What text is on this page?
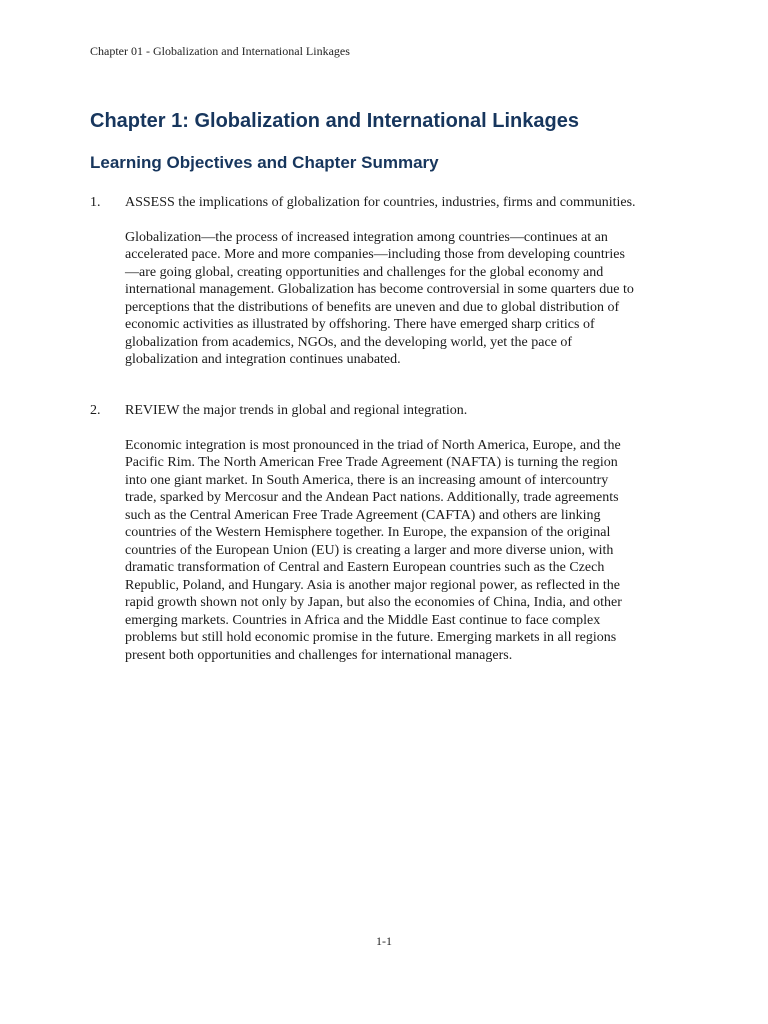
Chapter 01 - Globalization and International Linkages
Chapter 1: Globalization and International Linkages
Learning Objectives and Chapter Summary
1. ASSESS the implications of globalization for countries, industries, firms and communities.

Globalization—the process of increased integration among countries—continues at an accelerated pace. More and more companies—including those from developing countries—are going global, creating opportunities and challenges for the global economy and international management. Globalization has become controversial in some quarters due to perceptions that the distributions of benefits are uneven and due to global distribution of economic activities as illustrated by offshoring. There have emerged sharp critics of globalization from academics, NGOs, and the developing world, yet the pace of globalization and integration continues unabated.

2. REVIEW the major trends in global and regional integration.

Economic integration is most pronounced in the triad of North America, Europe, and the Pacific Rim. The North American Free Trade Agreement (NAFTA) is turning the region into one giant market. In South America, there is an increasing amount of intercountry trade, sparked by Mercosur and the Andean Pact nations. Additionally, trade agreements such as the Central American Free Trade Agreement (CAFTA) and others are linking countries of the Western Hemisphere together. In Europe, the expansion of the original countries of the European Union (EU) is creating a larger and more diverse union, with dramatic transformation of Central and Eastern European countries such as the Czech Republic, Poland, and Hungary. Asia is another major regional power, as reflected in the rapid growth shown not only by Japan, but also the economies of China, India, and other emerging markets. Countries in Africa and the Middle East continue to face complex problems but still hold economic promise in the future. Emerging markets in all regions present both opportunities and challenges for international managers.

1-1
